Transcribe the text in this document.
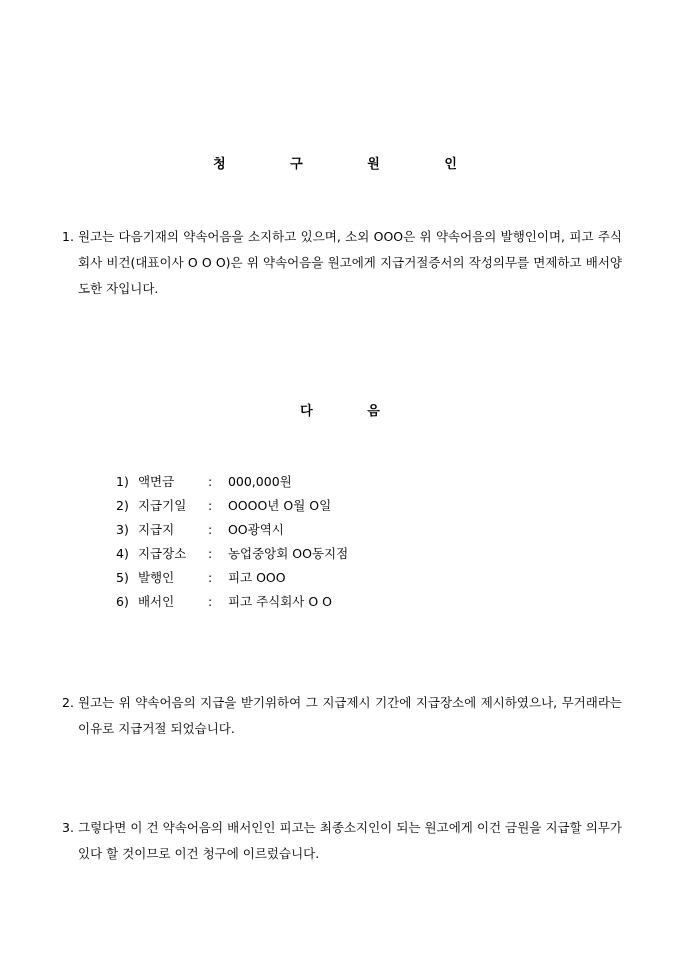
청 구 원 인
1. 원고는 다음기재의 약속어음을 소지하고 있으며, 소외 OOO은 위 약속어음의 발행인이며, 피고 주식회사 비건(대표이사 O O O)은 위 약속어음을 원고에게 지급거절증서의 작성의무를 면제하고 배서양도한 자입니다.
다 음
1) 액면금	: 000,000원
2) 지급기일 : OOOO년 O월 O일
3) 지급지	: OO광역시
4) 지급장소 : 농업중앙회 OO동지점
5) 발행인	: 피고 OOO
6) 배서인	: 피고 주식회사 O O
2. 원고는 위 약속어음의 지급을 받기위하여 그 지급제시 기간에 지급장소에 제시하였으나, 무거래라는 이유로 지급거절 되었습니다.
3. 그렇다면 이 건 약속어음의 배서인인 피고는 최종소지인이 되는 원고에게 이건 금원을 지급할 의무가 있다 할 것이므로 이건 청구에 이르렀습니다.
